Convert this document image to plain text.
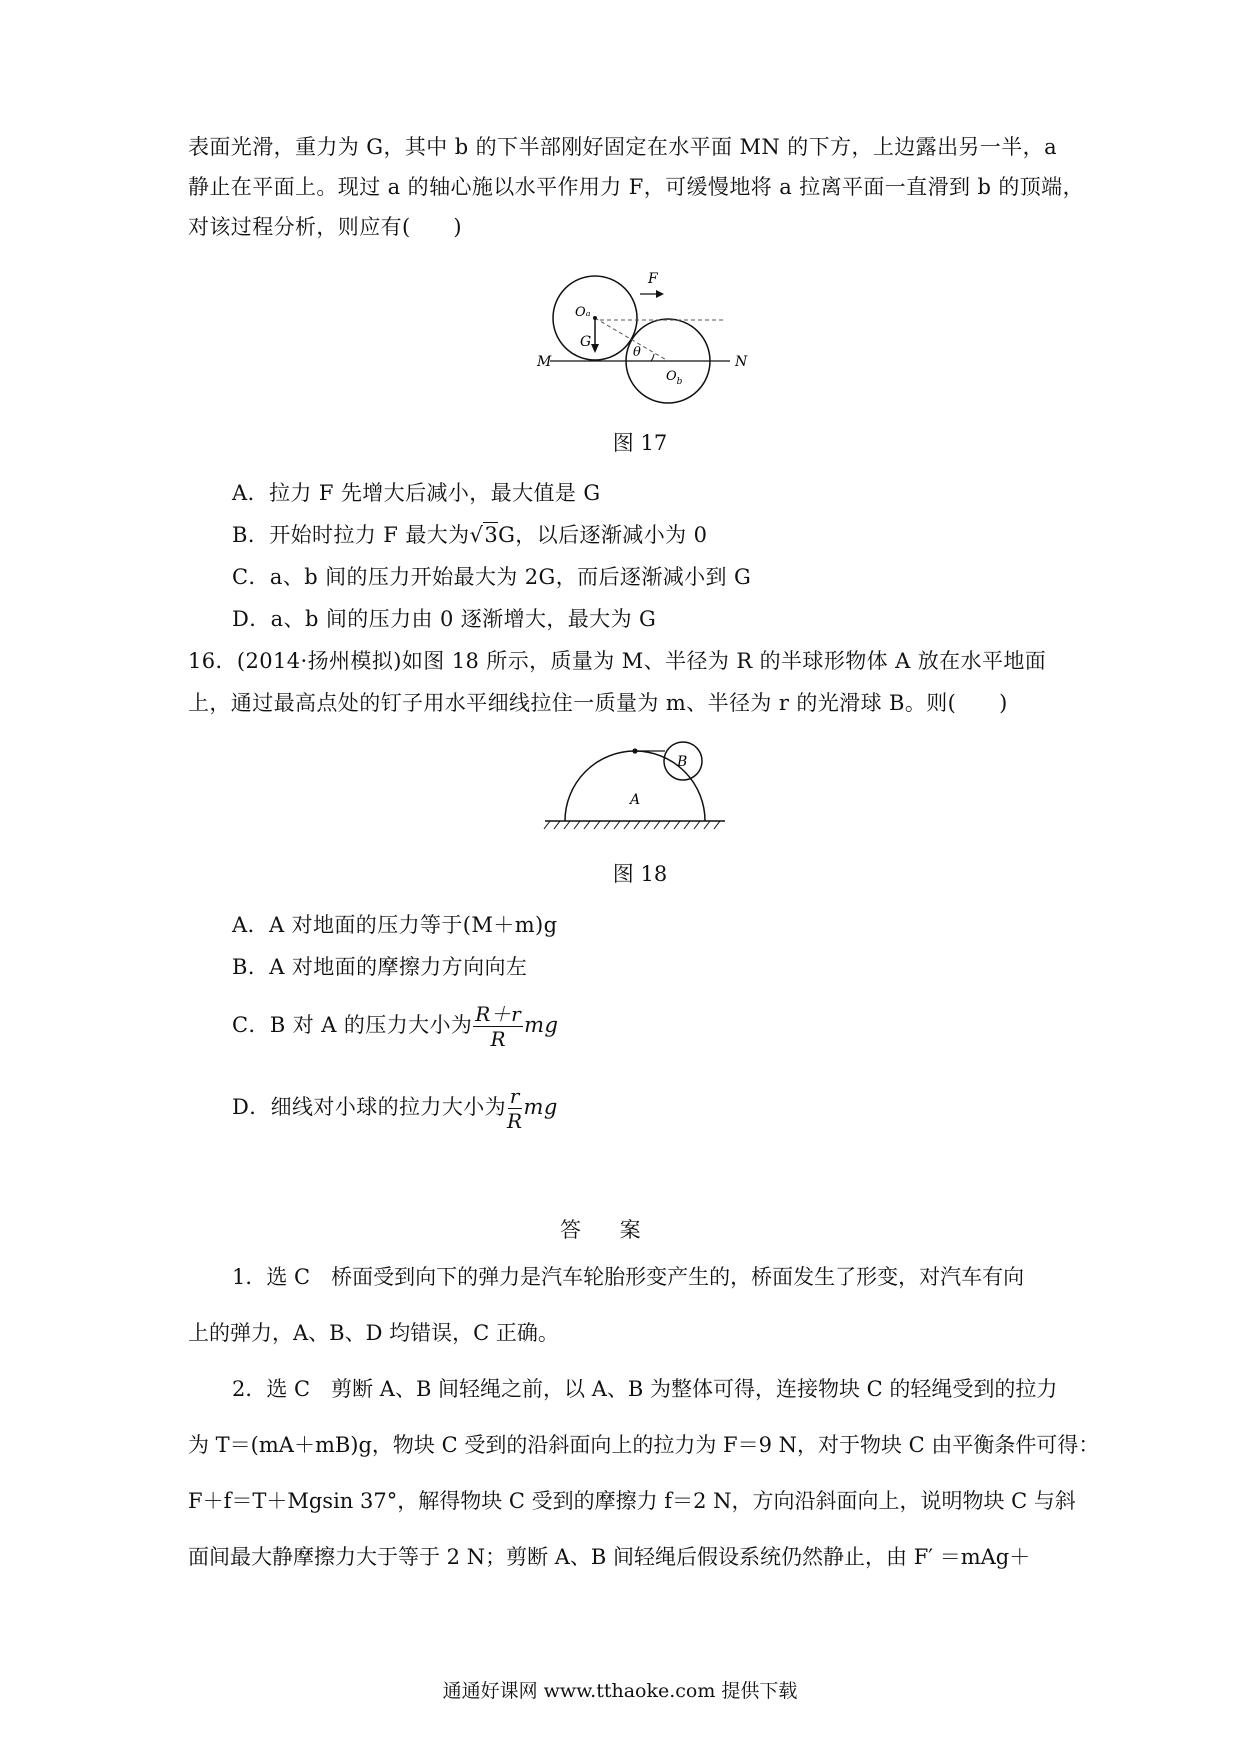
表面光滑，重力为 G，其中 b 的下半部刚好固定在水平面 MN 的下方，上边露出另一半，a
静止在平面上。现过 a 的轴心施以水平作用力 F，可缓慢地将 a 拉离平面一直滑到 b 的顶端，
对该过程分析，则应有(　　)
F
Oₐ
G
θ
$O_b$
M	N
图 17
A．拉力 F 先增大后减小，最大值是 G
B．开始时拉力 F 最大为√3G，以后逐渐减小为 0
C．a、b 间的压力开始最大为 2G，而后逐渐减小到 G
D．a、b 间的压力由 0 逐渐增大，最大为 G
16．(2014·扬州模拟)如图 18 所示，质量为 M、半径为 R 的半球形物体 A 放在水平地面
上，通过最高点处的钉子用水平细线拉住一质量为 m、半径为 r 的光滑球 B。则(　　)
B
A
图 18
A．A 对地面的压力等于(M＋m)g
B．A 对地面的摩擦力方向向左
C．B 对 A 的压力大小为 $\frac{R+r}{R}$ mg
D．细线对小球的拉力大小为 $\frac{r}{R}$ mg
答 案
1．选 C　桥面受到向下的弹力是汽车轮胎形变产生的，桥面发生了形变，对汽车有向
上的弹力，A、B、D 均错误，C 正确。
2．选 C　剪断 A、B 间轻绳之前，以 A、B 为整体可得，连接物块 C 的轻绳受到的拉力
为 T＝(mA＋mB)g，物块 C 受到的沿斜面向上的拉力为 F＝9 N，对于物块 C 由平衡条件可得：
F＋f＝T＋Mgsin 37°，解得物块 C 受到的摩擦力 f＝2 N，方向沿斜面向上，说明物块 C 与斜
面间最大静摩擦力大于等于 2 N；剪断 A、B 间轻绳后假设系统仍然静止，由 F′ ＝mAg＋
通通好课网 www.tthaoke.com 提供下载
